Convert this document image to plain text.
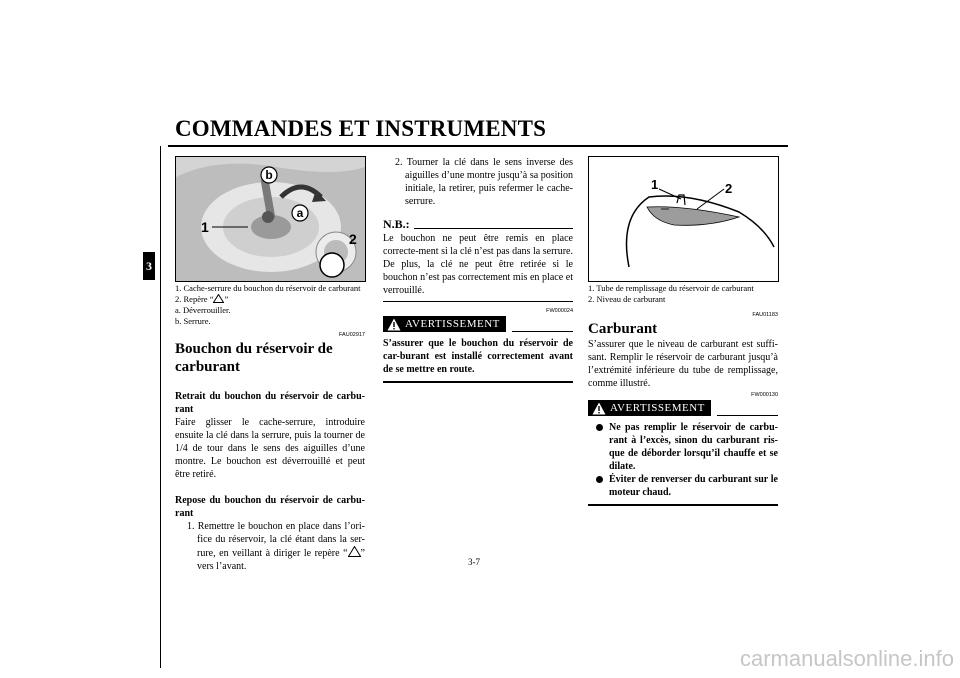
COMMANDES ET INSTRUMENTS
3
b
a
1
2
1. Cache-serrure du bouchon du réservoir de carburant
2. Repère “ ”
a. Déverrouiller.
b. Serrure.
FAU02917
Bouchon du réservoir de carburant
Retrait du bouchon du réservoir de carbu-rant
Faire glisser le cache-serrure, introduire ensuite la clé dans la serrure, puis la tourner de 1/4 de tour dans le sens des aiguilles d’une montre. Le bouchon est déverrouillé et peut être retiré.
Repose du bouchon du réservoir de carbu-rant
1. Remettre le bouchon en place dans l’ori-fice du réservoir, la clé étant dans la ser-rure, en veillant à diriger le repère “ ” vers l’avant.
2. Tourner la clé dans le sens inverse des aiguilles d’une montre jusqu’à sa position initiale, la retirer, puis refermer le cache-serrure.
N.B.:
Le bouchon ne peut être remis en place correcte-ment si la clé n’est pas dans la serrure. De plus, la clé ne peut être retirée si le bouchon n’est pas correctement mis en place et verrouillé.
FW000024
AVERTISSEMENT
S’assurer que le bouchon du réservoir de car-burant est installé correctement avant de se mettre en route.
1	2
1. Tube de remplissage du réservoir de carburant
2. Niveau de carburant
FAU01183
Carburant
S’assurer que le niveau de carburant est suffi-sant. Remplir le réservoir de carburant jusqu’à l’extrémité inférieure du tube de remplissage, comme illustré.
FW000130
AVERTISSEMENT
Ne pas remplir le réservoir de carbu-rant à l’excès, sinon du carburant ris-que de déborder lorsqu’il chauffe et se dilate.
Éviter de renverser du carburant sur le moteur chaud.
3-7
carmanualsonline.info
